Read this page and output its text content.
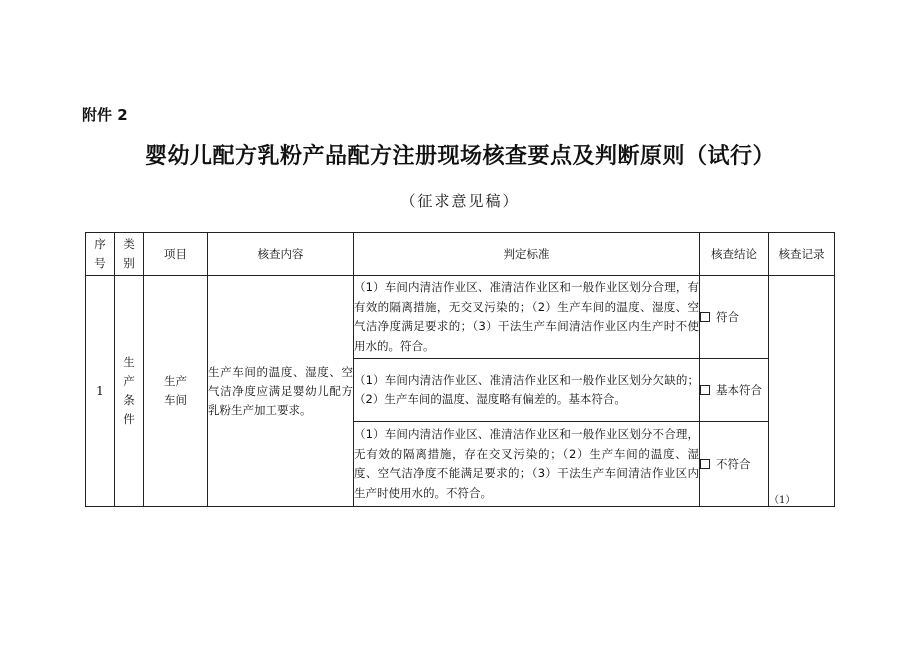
附件 2
婴幼儿配方乳粉产品配方注册现场核查要点及判断原则（试行）
（征求意见稿）
序号	类别	项目	核查内容	判定标准	核查结论	核查记录
1	生产条件	生产车间	生产车间的温度、湿度、空气洁净度应满足婴幼儿配方乳粉生产加工要求。	（1）车间内清洁作业区、准清洁作业区和一般作业区划分合理，有有效的隔离措施，无交叉污染的；（2）生产车间的温度、湿度、空气洁净度满足要求的；（3）干法生产车间清洁作业区内生产时不使用水的。符合。	符合	（1）
				（1）车间内清洁作业区、准清洁作业区和一般作业区划分欠缺的；（2）生产车间的温度、湿度略有偏差的。基本符合。	基本符合	
				（1）车间内清洁作业区、准清洁作业区和一般作业区划分不合理，无有效的隔离措施，存在交叉污染的；（2）生产车间的温度、湿度、空气洁净度不能满足要求的；（3）干法生产车间清洁作业区内生产时使用水的。不符合。	不符合	
